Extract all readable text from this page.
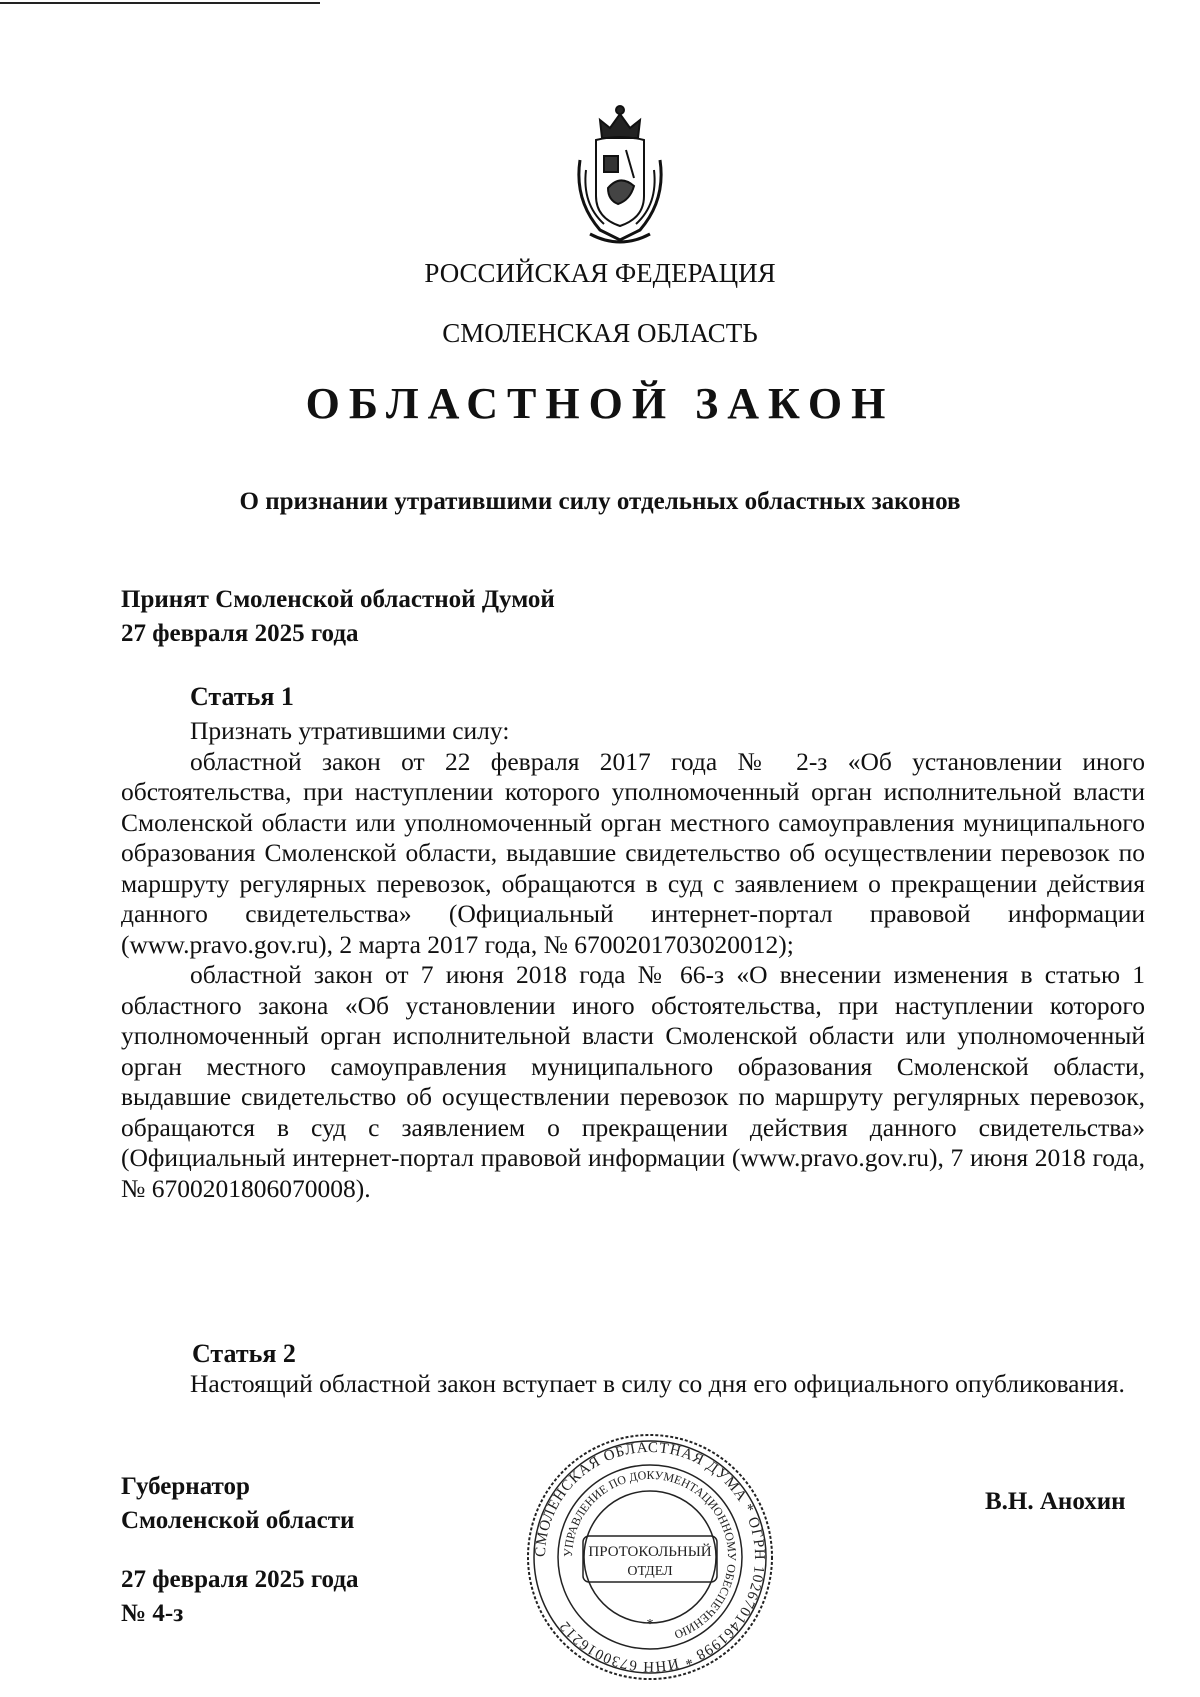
РОССИЙСКАЯ ФЕДЕРАЦИЯ
СМОЛЕНСКАЯ ОБЛАСТЬ
ОБЛАСТНОЙ ЗАКОН
О признании утратившими силу отдельных областных законов
Принят Смоленской областной Думой
27 февраля 2025 года
Статья 1
Признать утратившими силу:
областной закон от 22 февраля 2017 года № 2-з «Об установлении иного обстоятельства, при наступлении которого уполномоченный орган исполнительной власти Смоленской области или уполномоченный орган местного самоуправления муниципального образования Смоленской области, выдавшие свидетельство об осуществлении перевозок по маршруту регулярных перевозок, обращаются в суд с заявлением о прекращении действия данного свидетельства» (Официальный интернет-портал правовой информации (www.pravo.gov.ru), 2 марта 2017 года, № 6700201703020012);
областной закон от 7 июня 2018 года № 66-з «О внесении изменения в статью 1 областного закона «Об установлении иного обстоятельства, при наступлении которого уполномоченный орган исполнительной власти Смоленской области или уполномоченный орган местного самоуправления муниципального образования Смоленской области, выдавшие свидетельство об осуществлении перевозок по маршруту регулярных перевозок, обращаются в суд с заявлением о прекращении действия данного свидетельства» (Официальный интернет-портал правовой информации (www.pravo.gov.ru), 7 июня 2018 года, № 6700201806070008).
Статья 2
Настоящий областной закон вступает в силу со дня его официального опубликования.
Губернатор
Смоленской области
В.Н. Анохин
27 февраля 2025 года
№ 4-з
СМОЛЕНСКАЯ ОБЛАСТНАЯ ДУМА * ОГРН 1026701461998 * ИНН 6730016212
УПРАВЛЕНИЕ ПО ДОКУМЕНТАЦИОННОМУ ОБЕСПЕЧЕНИЮ
ПРОТОКОЛЬНЫЙ
ОТДЕЛ
*
